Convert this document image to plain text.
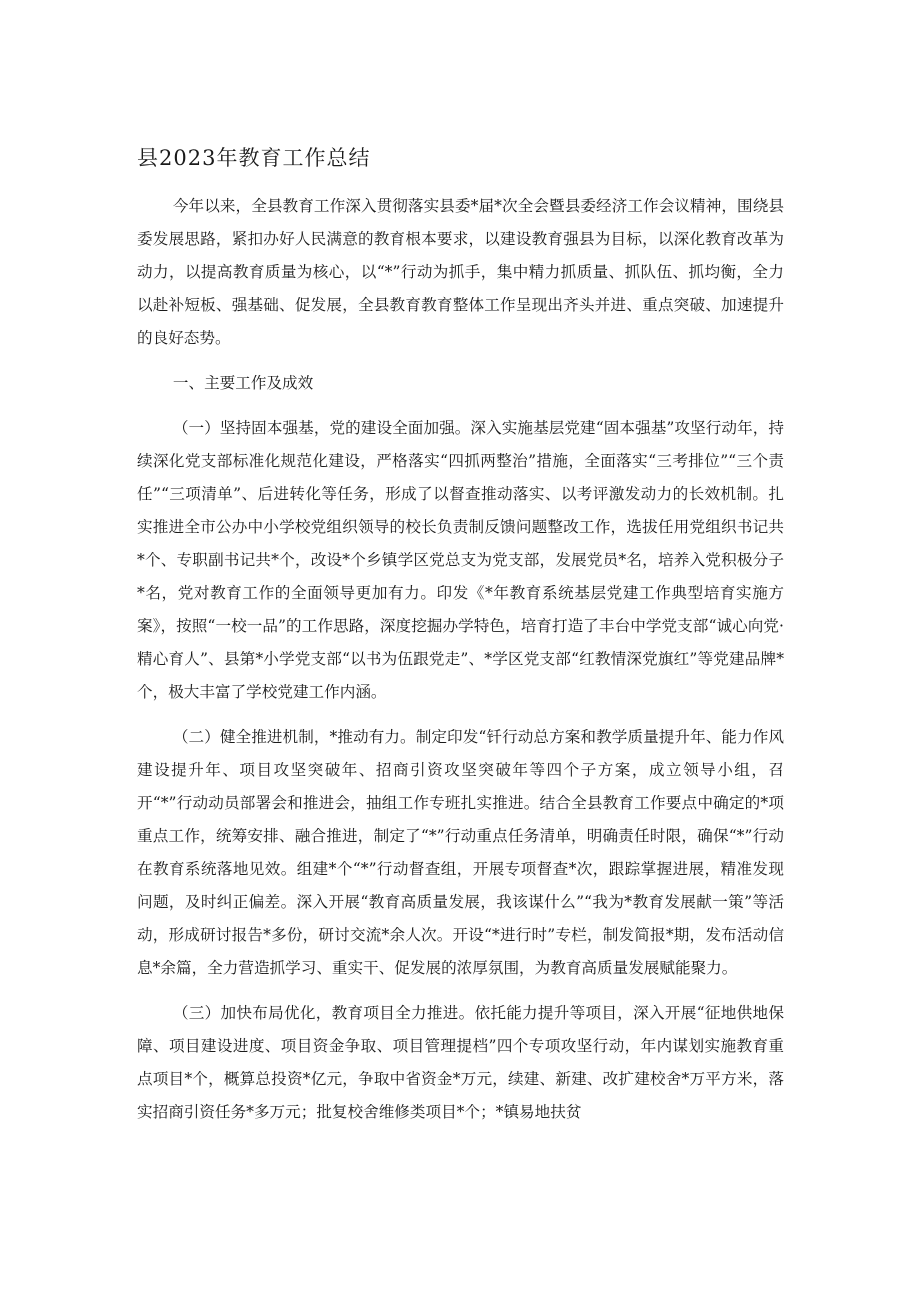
县2023年教育工作总结

今年以来，全县教育工作深入贯彻落实县委*届*次全会暨县委经济工作会议精神，围绕县委发展思路，紧扣办好人民满意的教育根本要求，以建设教育强县为目标，以深化教育改革为动力，以提高教育质量为核心，以“*”行动为抓手，集中精力抓质量、抓队伍、抓均衡，全力以赴补短板、强基础、促发展，全县教育教育整体工作呈现出齐头并进、重点突破、加速提升的良好态势。

一、主要工作及成效

（一）坚持固本强基，党的建设全面加强。深入实施基层党建“固本强基”攻坚行动年，持续深化党支部标准化规范化建设，严格落实“四抓两整治”措施，全面落实“三考排位”“三个责任”“三项清单”、后进转化等任务，形成了以督查推动落实、以考评激发动力的长效机制。扎实推进全市公办中小学校党组织领导的校长负责制反馈问题整改工作，选拔任用党组织书记共*个、专职副书记共*个，改设*个乡镇学区党总支为党支部，发展党员*名，培养入党积极分子*名，党对教育工作的全面领导更加有力。印发《*年教育系统基层党建工作典型培育实施方案》，按照“一校一品”的工作思路，深度挖掘办学特色，培育打造了丰台中学党支部“诚心向党·精心育人”、县第*小学党支部“以书为伍跟党走”、*学区党支部“红教情深党旗红”等党建品牌*个，极大丰富了学校党建工作内涵。

（二）健全推进机制，*推动有力。制定印发“钎行动总方案和教学质量提升年、能力作风建设提升年、项目攻坚突破年、招商引资攻坚突破年等四个子方案，成立领导小组，召开“*”行动动员部署会和推进会，抽组工作专班扎实推进。结合全县教育工作要点中确定的*项重点工作，统筹安排、融合推进，制定了“*”行动重点任务清单，明确责任时限，确保“*”行动在教育系统落地见效。组建*个“*”行动督查组，开展专项督查*次，跟踪掌握进展，精准发现问题，及时纠正偏差。深入开展“教育高质量发展，我该谋什么”“我为*教育发展献一策”等活动，形成研讨报告*多份，研讨交流*余人次。开设“*进行时”专栏，制发简报*期，发布活动信息*余篇，全力营造抓学习、重实干、促发展的浓厚氛围，为教育高质量发展赋能聚力。

（三）加快布局优化，教育项目全力推进。依托能力提升等项目，深入开展“征地供地保障、项目建设进度、项目资金争取、项目管理提档”四个专项攻坚行动，年内谋划实施教育重点项目*个，概算总投资*亿元，争取中省资金*万元，续建、新建、改扩建校舍*万平方米，落实招商引资任务*多万元；批复校舍维修类项目*个；*镇易地扶贫
